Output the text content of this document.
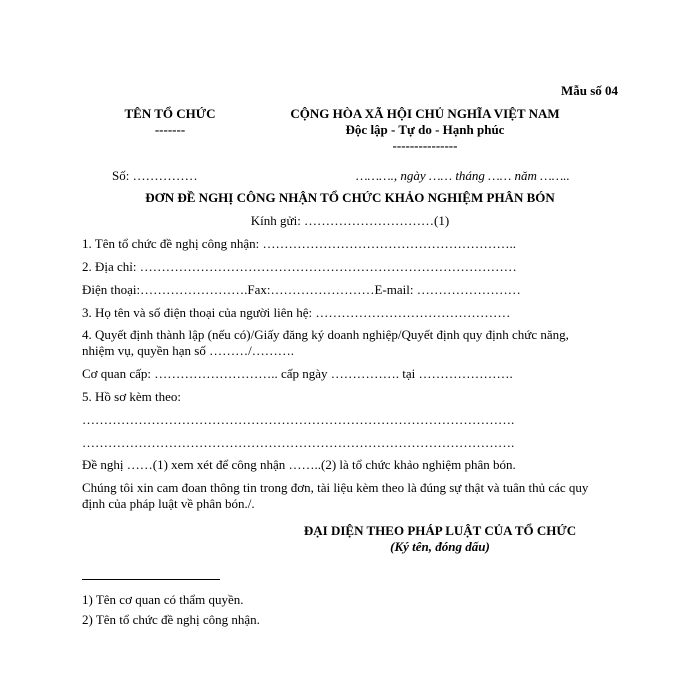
Mẫu số 04
TÊN TỔ CHỨC
-------
CỘNG HÒA XÃ HỘI CHỦ NGHĨA VIỆT NAM
Độc lập - Tự do - Hạnh phúc
---------------
Số: ……………	………., ngày …… tháng …… năm ……..
ĐƠN ĐỀ NGHỊ CÔNG NHẬN TỔ CHỨC KHẢO NGHIỆM PHÂN BÓN
Kính gửi: …………………………(1)
1. Tên tổ chức đề nghị công nhận: …………………………………………………..
2. Địa chỉ: ……………………………………………………………………………
Điện thoại:…………………….Fax:……………………E-mail: ……………………
3. Họ tên và số điện thoại của người liên hệ: ………………………………………
4. Quyết định thành lập (nếu có)/Giấy đăng ký doanh nghiệp/Quyết định quy định chức năng,
nhiệm vụ, quyền hạn số ………/……….
Cơ quan cấp: ……………………….. cấp ngày ……………. tại ………………….
5. Hồ sơ kèm theo:
……………………………………………………………………………………….
……………………………………………………………………………………….
Đề nghị ……(1) xem xét để công nhận ……..(2) là tổ chức khảo nghiệm phân bón.
Chúng tôi xin cam đoan thông tin trong đơn, tài liệu kèm theo là đúng sự thật và tuân thủ các quy
định của pháp luật về phân bón./.
ĐẠI DIỆN THEO PHÁP LUẬT CỦA TỔ CHỨC
(Ký tên, đóng dấu)
1) Tên cơ quan có thẩm quyền.
2) Tên tổ chức đề nghị công nhận.
